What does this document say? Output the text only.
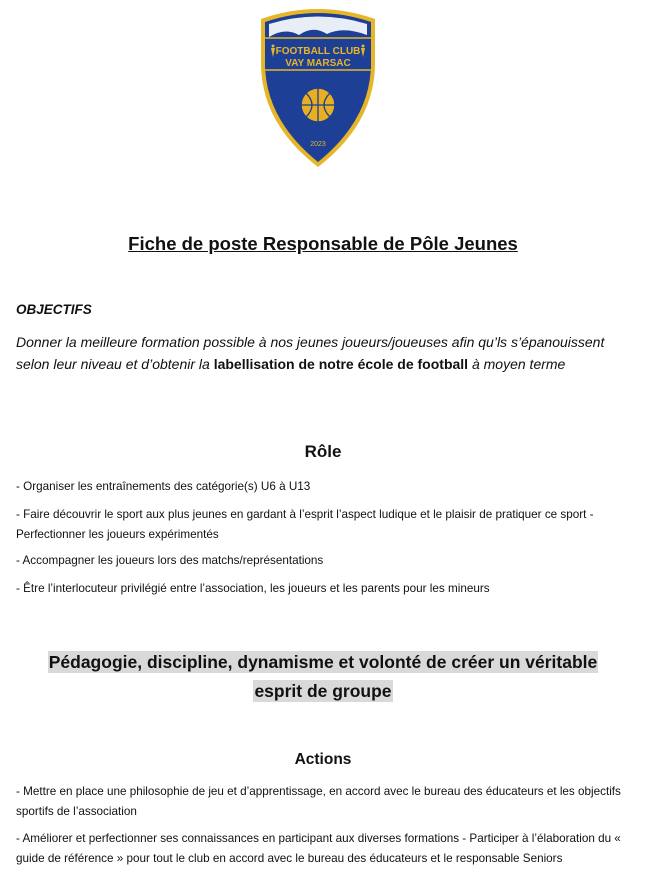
FOOTBALL CLUB
VAY MARSAC
2023
Fiche de poste Responsable de Pôle Jeunes
OBJECTIFS

Donner la meilleure formation possible à nos jeunes joueurs/joueuses afin qu’ls s’épanouissent selon leur niveau et d’obtenir la labellisation de notre école de football à moyen terme

Rôle

- Organiser les entraînements des catégorie(s) U6 à U13

- Faire découvrir le sport aux plus jeunes en gardant à l’esprit l’aspect ludique et le plaisir de pratiquer ce sport - Perfectionner les joueurs expérimentés

- Accompagner les joueurs lors des matchs/représentations

- Être l’interlocuteur privilégié entre l’association, les joueurs et les parents pour les mineurs

Pédagogie, discipline, dynamisme et volonté de créer un véritable
esprit de groupe
Actions

- Mettre en place une philosophie de jeu et d’apprentissage, en accord avec le bureau des éducateurs et les objectifs sportifs de l’association

- Améliorer et perfectionner ses connaissances en participant aux diverses formations - Participer à l’élaboration du « guide de référence » pour tout le club en accord avec le bureau des éducateurs et le responsable Seniors
